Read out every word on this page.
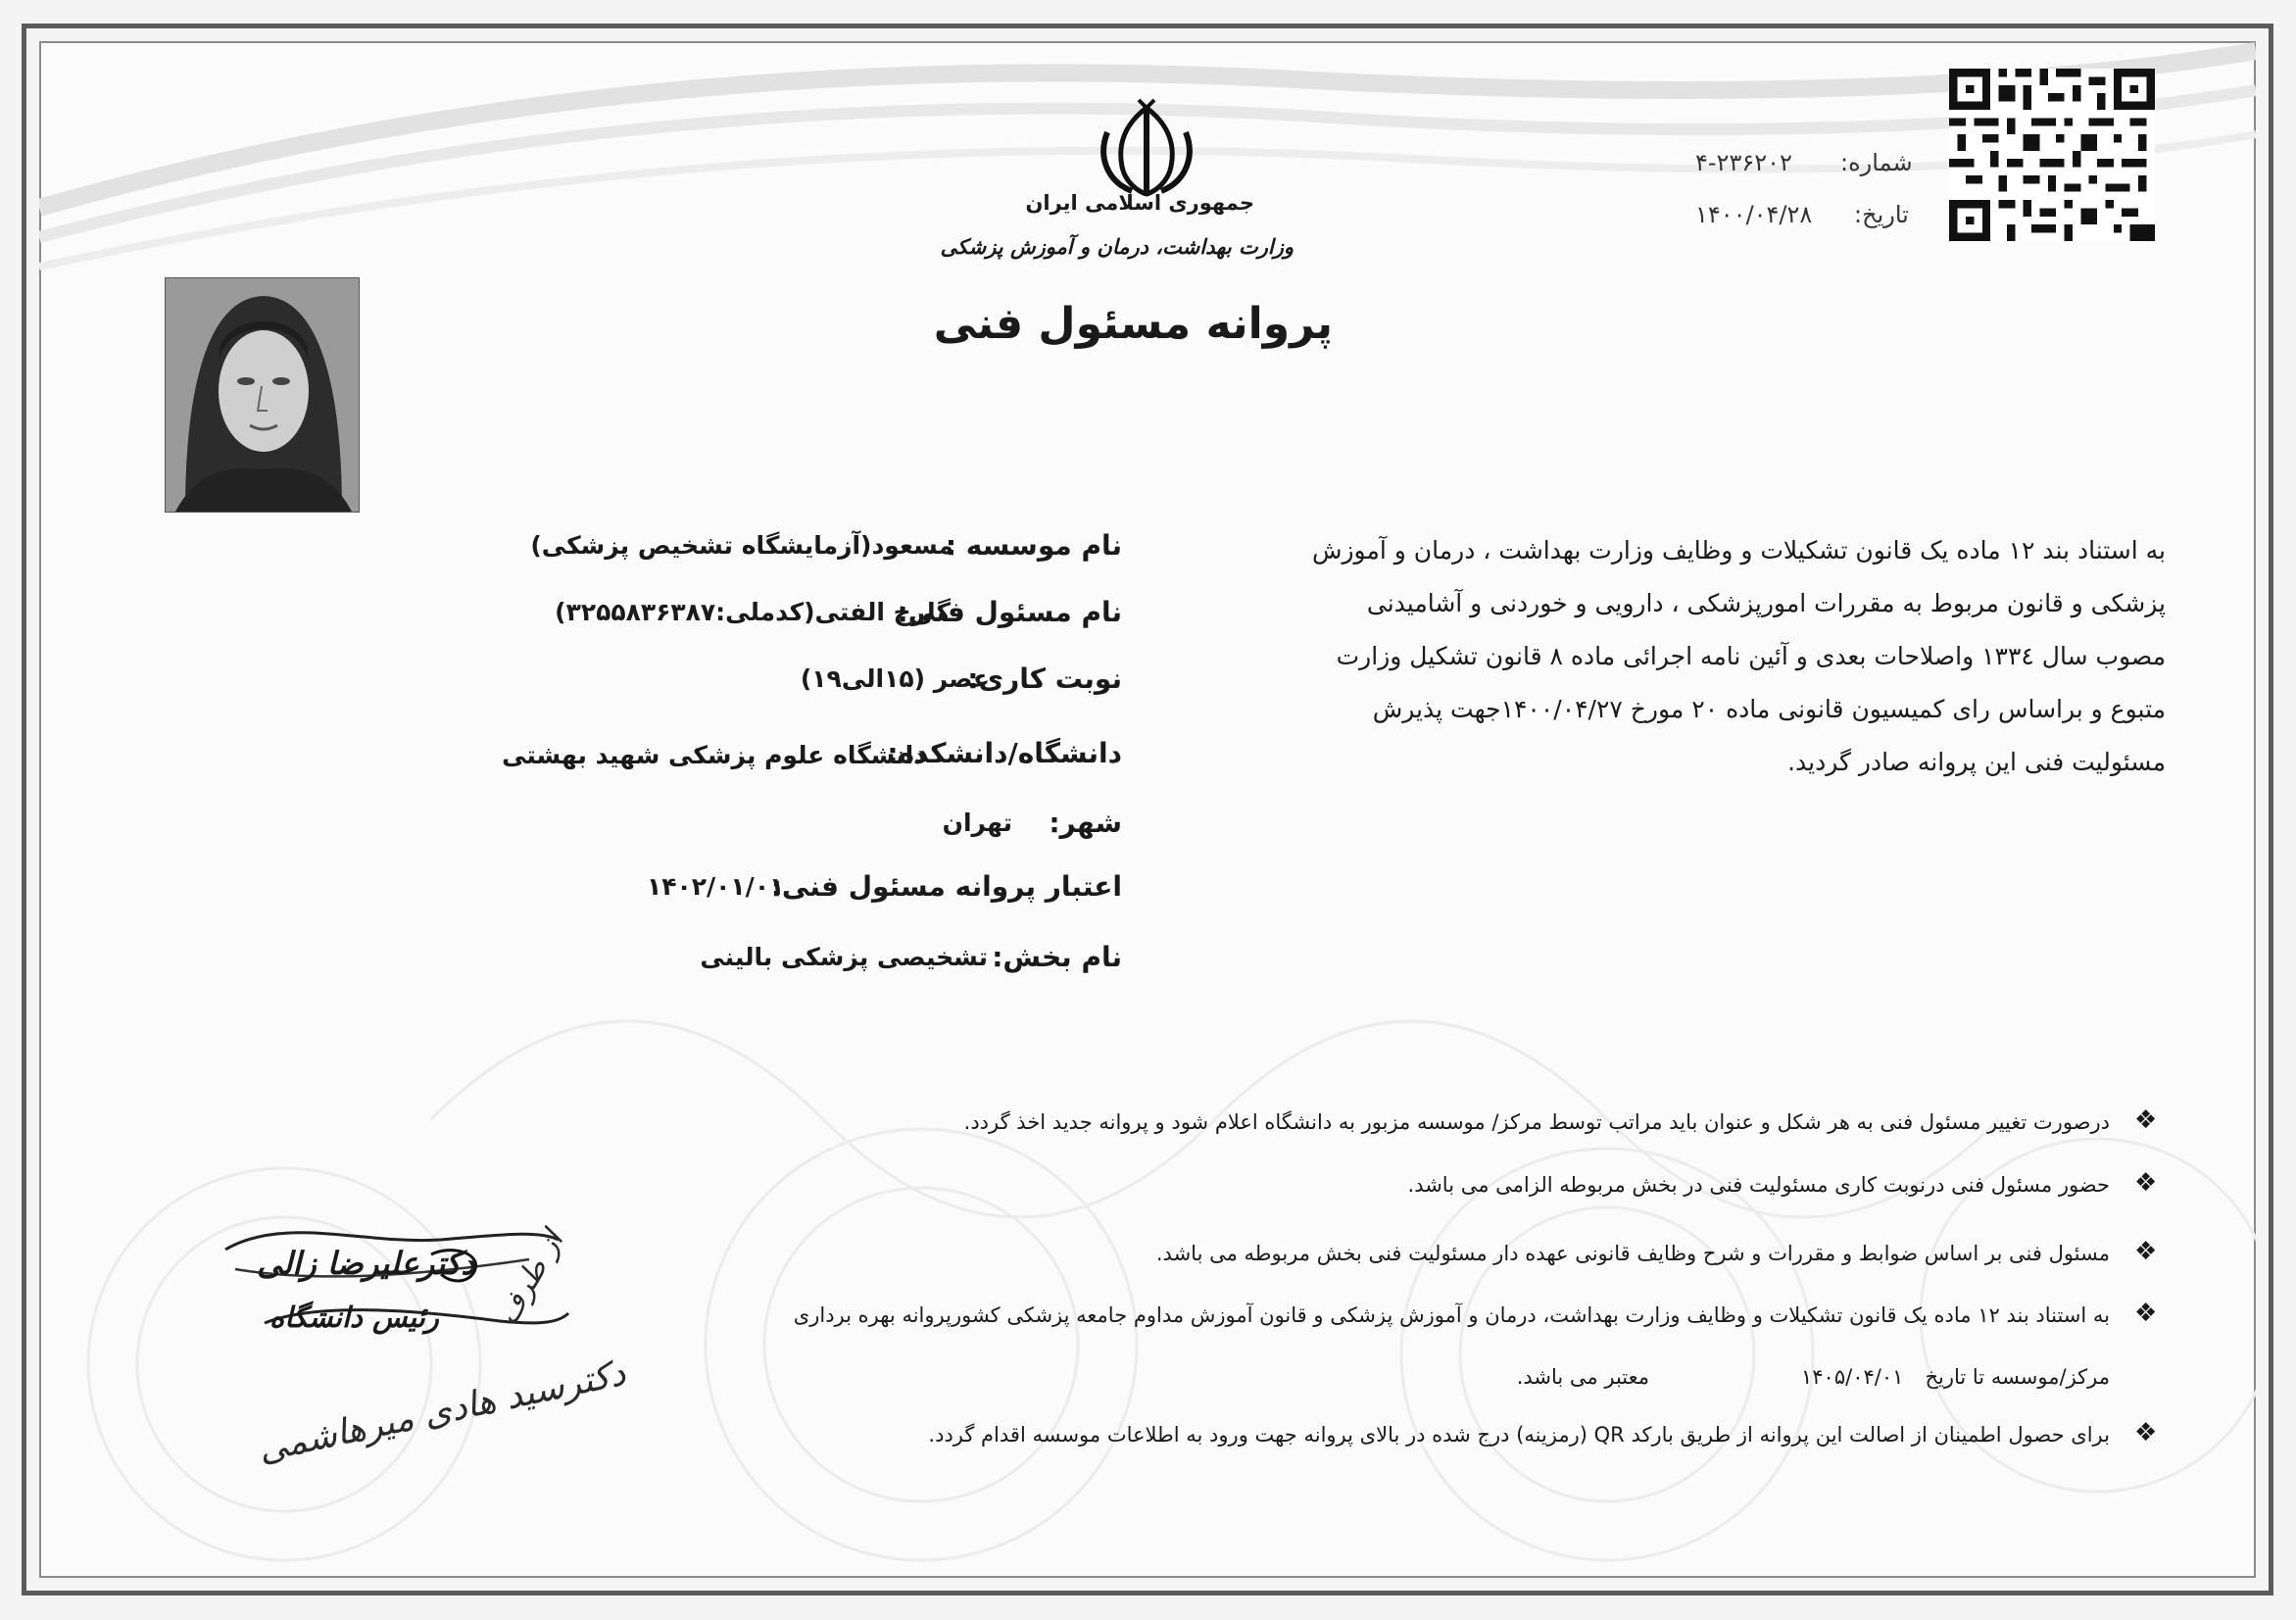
جمهوری اسلامی ایران
وزارت بهداشت، درمان و آموزش پزشکی
پروانه مسئول فنی
شماره:
۴-۲۳۶۲۰۲
تاریخ:
۱۴۰۰/۰۴/۲۸

به استناد بند ۱۲ ماده یک قانون تشکیلات و وظایف وزارت بهداشت ، درمان و آموزش

پزشکی و قانون مربوط به مقررات امورپزشکی ، دارویی و خوردنی و آشامیدنی

مصوب سال ۱۳۳٤ واصلاحات بعدی و آئین نامه اجرائی ماده ۸ قانون تشکیل وزارت

متبوع و براساس رای کمیسیون قانونی ماده ۲۰ مورخ ۱۴۰۰/۰۴/۲۷جهت پذیرش

مسئولیت فنی این پروانه صادر گردید.

نام موسسه :
مسعود(آزمایشگاه تشخیص پزشکی)
نام مسئول فنی:
گلرخ الفتی(کدملی:۳۲۵۵۸۳۶۳۸۷)
نوبت کاری:
عصر (۱۵الی۱۹)
دانشگاه/دانشکده:
دانشگاه علوم پزشکی شهید بهشتی
شهر:
تهران
اعتبار پروانه مسئول فنی:
۱۴۰۲/۰۱/۰۱
نام بخش:
تشخیصی پزشکی بالینی
❖
درصورت تغییر مسئول فنی به هر شکل و عنوان باید مراتب توسط مرکز/ موسسه مزبور به دانشگاه اعلام شود و پروانه جدید اخذ گردد.
❖
حضور مسئول فنی درنوبت کاری مسئولیت فنی در بخش مربوطه الزامی می باشد.
❖
مسئول فنی بر اساس ضوابط و مقررات و شرح وظایف قانونی عهده دار مسئولیت فنی بخش مربوطه می باشد.
❖
به استناد بند ۱۲ ماده یک قانون تشکیلات و وظایف وزارت بهداشت، درمان و آموزش پزشکی و قانون آموزش مداوم جامعه پزشکی کشورپروانه بهره برداری
مرکز/موسسه تا تاریخ
۱۴۰۵/۰۴/۰۱
معتبر می باشد.
❖
برای حصول اطمینان از اصالت این پروانه از طریق بارکد QR (رمزینه) درج شده در بالای پروانه جهت ورود به اطلاعات موسسه اقدام گردد.
دکترعلیرضا زالی
رئیس دانشگاه از طرف
دکترسید هادی میرهاشمی
